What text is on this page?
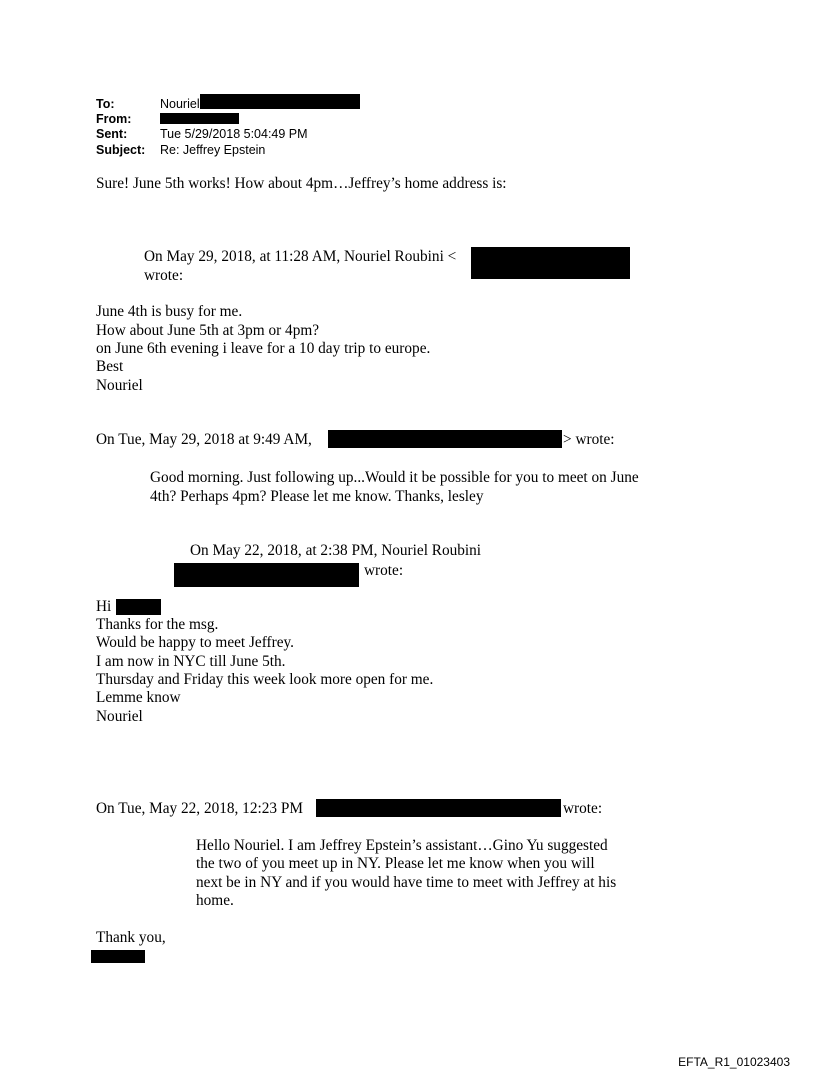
To:	Nouriel
From:
Sent:	Tue 5/29/2018 5:04:49 PM
Subject: Re: Jeffrey Epstein
Sure! June 5th works! How about 4pm…Jeffrey’s home address is:
On May 29, 2018, at 11:28 AM, Nouriel Roubini <
wrote:
June 4th is busy for me.
How about June 5th at 3pm or 4pm?
on June 6th evening i leave for a 10 day trip to europe.
Best
Nouriel
On Tue, May 29, 2018 at 9:49 AM,	> wrote:
Good morning. Just following up...Would it be possible for you to meet on June
4th? Perhaps 4pm? Please let me know. Thanks, lesley
On May 22, 2018, at 2:38 PM, Nouriel Roubini
wrote:
Hi
Thanks for the msg.
Would be happy to meet Jeffrey.
I am now in NYC till June 5th.
Thursday and Friday this week look more open for me.
Lemme know
Nouriel
On Tue, May 22, 2018, 12:23 PM	wrote:
Hello Nouriel. I am Jeffrey Epstein’s assistant…Gino Yu suggested
the two of you meet up in NY. Please let me know when you will
next be in NY and if you would have time to meet with Jeffrey at his
home.
Thank you,
EFTA_R1_01023403
